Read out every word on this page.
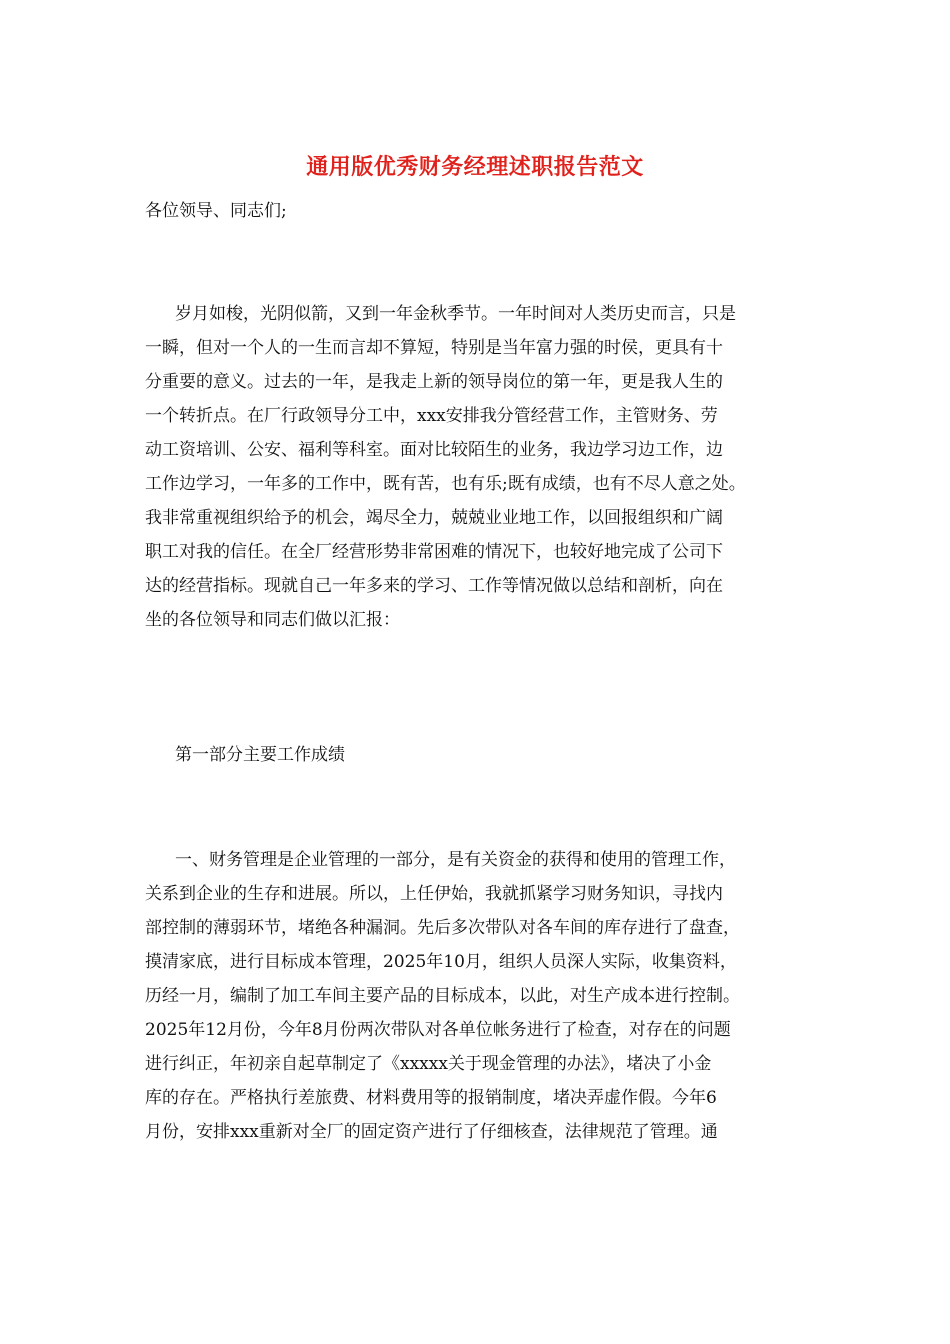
通用版优秀财务经理述职报告范文
各位领导、同志们;
岁月如梭，光阴似箭，又到一年金秋季节。一年时间对人类历史而言，只是
一瞬，但对一个人的一生而言却不算短，特别是当年富力强的时侯，更具有十
分重要的意义。过去的一年，是我走上新的领导岗位的第一年，更是我人生的
一个转折点。在厂行政领导分工中，xxx安排我分管经营工作，主管财务、劳
动工资培训、公安、福利等科室。面对比较陌生的业务，我边学习边工作，边
工作边学习，一年多的工作中，既有苦，也有乐;既有成绩，也有不尽人意之处。
我非常重视组织给予的机会，竭尽全力，兢兢业业地工作，以回报组织和广阔
职工对我的信任。在全厂经营形势非常困难的情况下，也较好地完成了公司下
达的经营指标。现就自己一年多来的学习、工作等情况做以总结和剖析，向在
坐的各位领导和同志们做以汇报：
第一部分主要工作成绩
一、财务管理是企业管理的一部分，是有关资金的获得和使用的管理工作，
关系到企业的生存和进展。所以，上任伊始，我就抓紧学习财务知识，寻找内
部控制的薄弱环节，堵绝各种漏洞。先后多次带队对各车间的库存进行了盘查，
摸清家底，进行目标成本管理，2025年10月，组织人员深人实际，收集资料，
历经一月，编制了加工车间主要产品的目标成本，以此，对生产成本进行控制。
2025年12月份，今年8月份两次带队对各单位帐务进行了检查，对存在的问题
进行纠正，年初亲自起草制定了《xxxxx关于现金管理的办法》，堵决了小金
库的存在。严格执行差旅费、材料费用等的报销制度，堵决弄虚作假。今年6
月份，安排xxx重新对全厂的固定资产进行了仔细核查，法律规范了管理。通
